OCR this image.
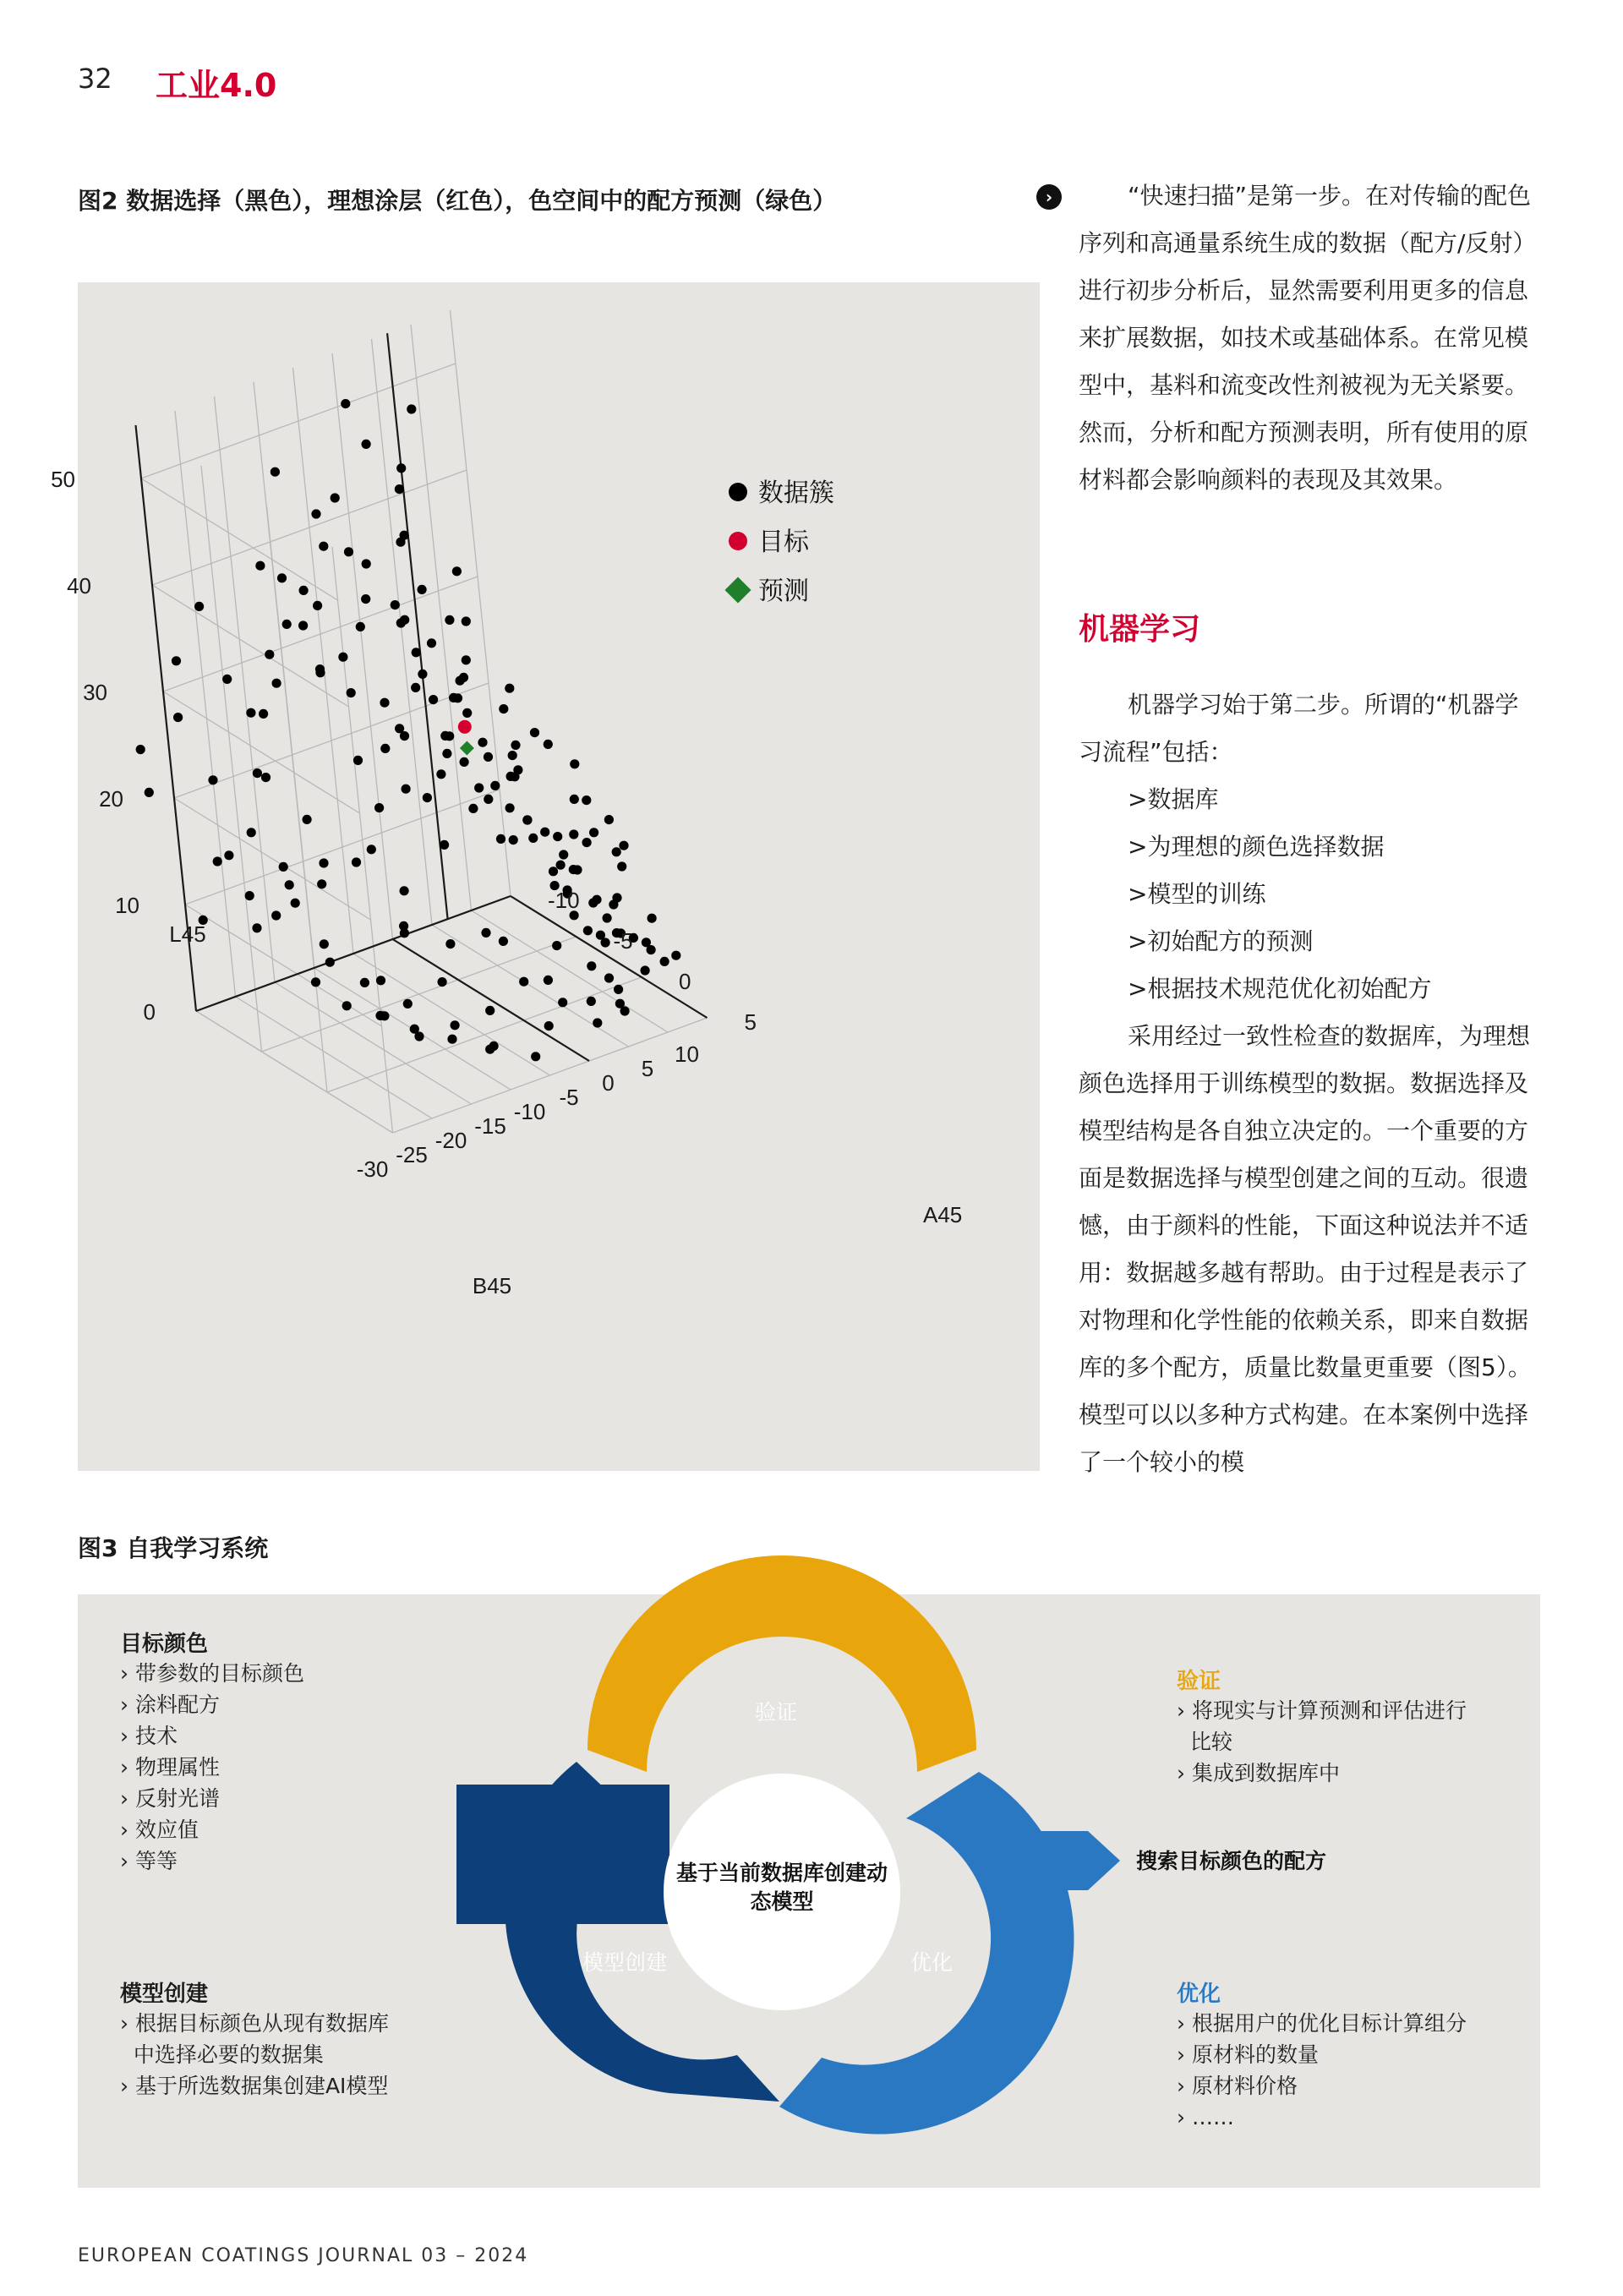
32 工业4.0
图2 数据选择（黑色），理想涂层（红色），色空间中的配方预测（绿色）
0
10
20
30
40
50
L45
-30
-25
-20
-15
-10
-5
0
5
10
B45
-10
-5
0
5
A45
数据簇
目标
预测
›	“快速扫描”是第一步。在对传输的配色序列和高通量系统生成的数据（配方/反射）进行初步分析后，显然需要利用更多的信息来扩展数据，如技术或基础体系。在常见模型中，基料和流变改性剂被视为无关紧要。然而，分析和配方预测表明，所有使用的原材料都会影响颜料的表现及其效果。

机器学习

机器学习始于第二步。所谓的“机器学习流程”包括：

>数据库

>为理想的颜色选择数据

>模型的训练

>初始配方的预测

>根据技术规范优化初始配方

采用经过一致性检查的数据库，为理想颜色选择用于训练模型的数据。数据选择及模型结构是各自独立决定的。一个重要的方面是数据选择与模型创建之间的互动。很遗憾，由于颜料的性能，下面这种说法并不适用：数据越多越有帮助。由于过程是表示了对物理和化学性能的依赖关系，即来自数据库的多个配方，质量比数量更重要（图5）。模型可以以多种方式构建。在本案例中选择了一个较小的模

图3 自我学习系统
基于当前数据库创建动
态模型
验证
模型创建	优化
搜索目标颜色的配方
目标颜色
› 带参数的目标颜色
› 涂料配方
› 技术
› 物理属性
› 反射光谱
› 效应值
› 等等
模型创建
› 根据目标颜色从现有数据库
中选择必要的数据集
› 基于所选数据集创建AI模型
验证
› 将现实与计算预测和评估进行
比较
› 集成到数据库中
优化
› 根据用户的优化目标计算组分
› 原材料的数量
› 原材料价格
› ……
EUROPEAN COATINGS JOURNAL 03 – 2024
